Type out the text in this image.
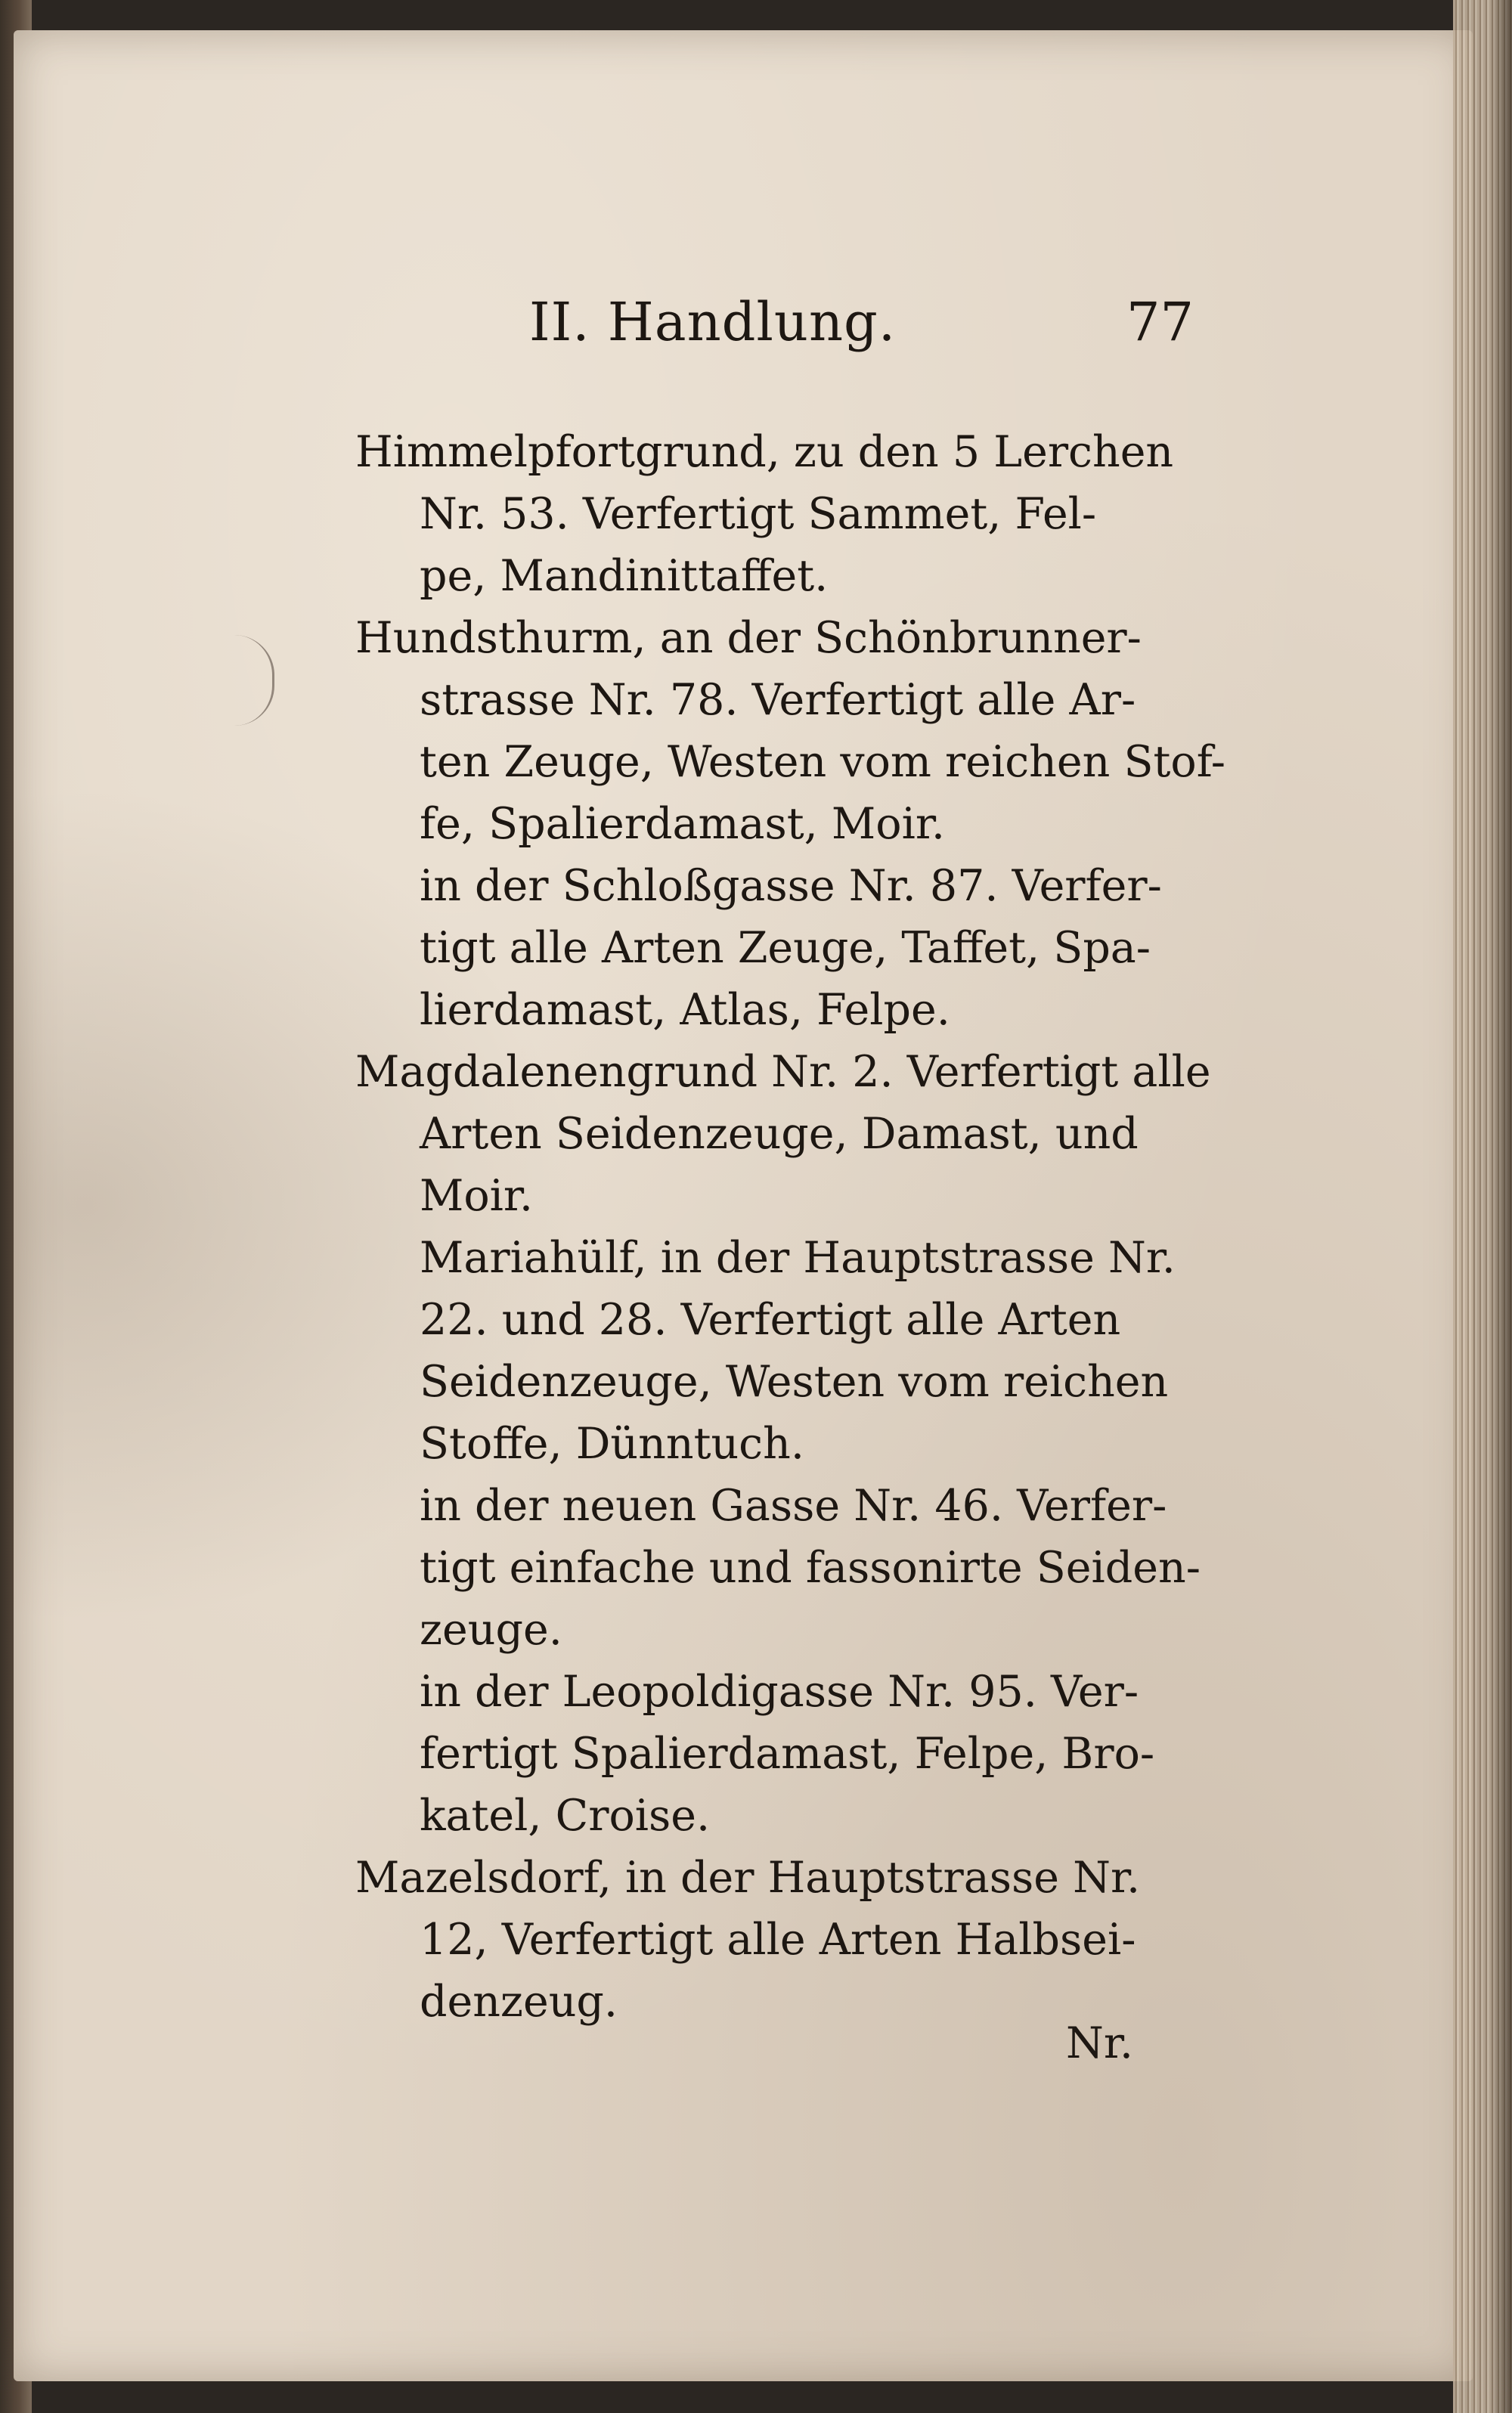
II. Handlung.	77
Himmelpfortgrund, zu den 5 Lerchen
Nr. 53. Verfertigt Sammet, Fel-
pe, Mandinittaffet.
Hundsthurm, an der Schönbrunner-
strasse Nr. 78. Verfertigt alle Ar-
ten Zeuge, Westen vom reichen Stof-
fe, Spalierdamast, Moir.
in der Schloßgasse Nr. 87. Verfer-
tigt alle Arten Zeuge, Taffet, Spa-
lierdamast, Atlas, Felpe.
Magdalenengrund Nr. 2. Verfertigt alle
Arten Seidenzeuge, Damast, und
Moir.
Mariahülf, in der Hauptstrasse Nr.
22. und 28. Verfertigt alle Arten
Seidenzeuge, Westen vom reichen
Stoffe, Dünntuch.
in der neuen Gasse Nr. 46. Verfer-
tigt einfache und fassonirte Seiden-
zeuge.
in der Leopoldigasse Nr. 95. Ver-
fertigt Spalierdamast, Felpe, Bro-
katel, Croise.
Mazelsdorf, in der Hauptstrasse Nr.
12, Verfertigt alle Arten Halbsei-
denzeug.
Nr.
